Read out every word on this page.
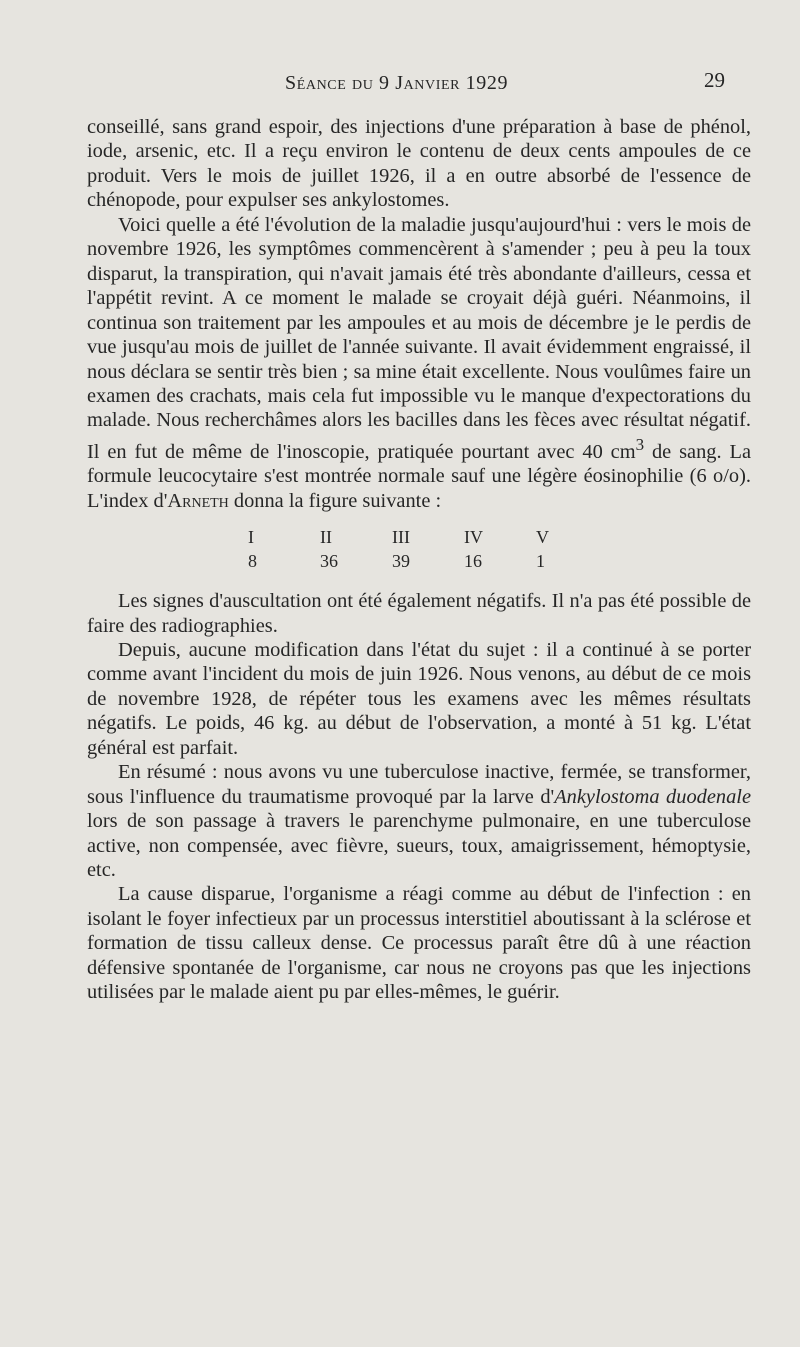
Séance du 9 Janvier 1929	29

conseillé, sans grand espoir, des injections d'une préparation à base de phénol, iode, arsenic, etc. Il a reçu environ le contenu de deux cents ampoules de ce produit. Vers le mois de juillet 1926, il a en outre absorbé de l'essence de chénopode, pour expulser ses ankylostomes.

Voici quelle a été l'évolution de la maladie jusqu'aujourd'hui : vers le mois de novembre 1926, les symptômes commencèrent à s'amender ; peu à peu la toux disparut, la transpiration, qui n'avait jamais été très abondante d'ailleurs, cessa et l'appétit revint. A ce moment le malade se croyait déjà guéri. Néanmoins, il continua son traitement par les ampoules et au mois de décembre je le perdis de vue jusqu'au mois de juillet de l'année suivante. Il avait évidemment engraissé, il nous déclara se sentir très bien ; sa mine était excellente. Nous voulûmes faire un examen des crachats, mais cela fut impossible vu le manque d'expectorations du malade. Nous recherchâmes alors les bacilles dans les fèces avec résultat négatif. Il en fut de même de l'inoscopie, pratiquée pourtant avec 40 $cm^3$ de sang. La formule leucocytaire s'est montrée normale sauf une légère éosinophilie (6 o/o). L'index d'Arneth donna la figure suivante :

I	II	III	IV	V
8	36	39	16	1

Les signes d'auscultation ont été également négatifs. Il n'a pas été possible de faire des radiographies.

Depuis, aucune modification dans l'état du sujet : il a continué à se porter comme avant l'incident du mois de juin 1926. Nous venons, au début de ce mois de novembre 1928, de répéter tous les examens avec les mêmes résultats négatifs. Le poids, 46 kg. au début de l'observation, a monté à 51 kg. L'état général est parfait.

En résumé : nous avons vu une tuberculose inactive, fermée, se transformer, sous l'influence du traumatisme provoqué par la larve d'Ankylostoma duodenale lors de son passage à travers le parenchyme pulmonaire, en une tuberculose active, non compensée, avec fièvre, sueurs, toux, amaigrissement, hémoptysie, etc.

La cause disparue, l'organisme a réagi comme au début de l'infection : en isolant le foyer infectieux par un processus interstitiel aboutissant à la sclérose et formation de tissu calleux dense. Ce processus paraît être dû à une réaction défensive spontanée de l'organisme, car nous ne croyons pas que les injections utilisées par le malade aient pu par elles-mêmes, le guérir.
